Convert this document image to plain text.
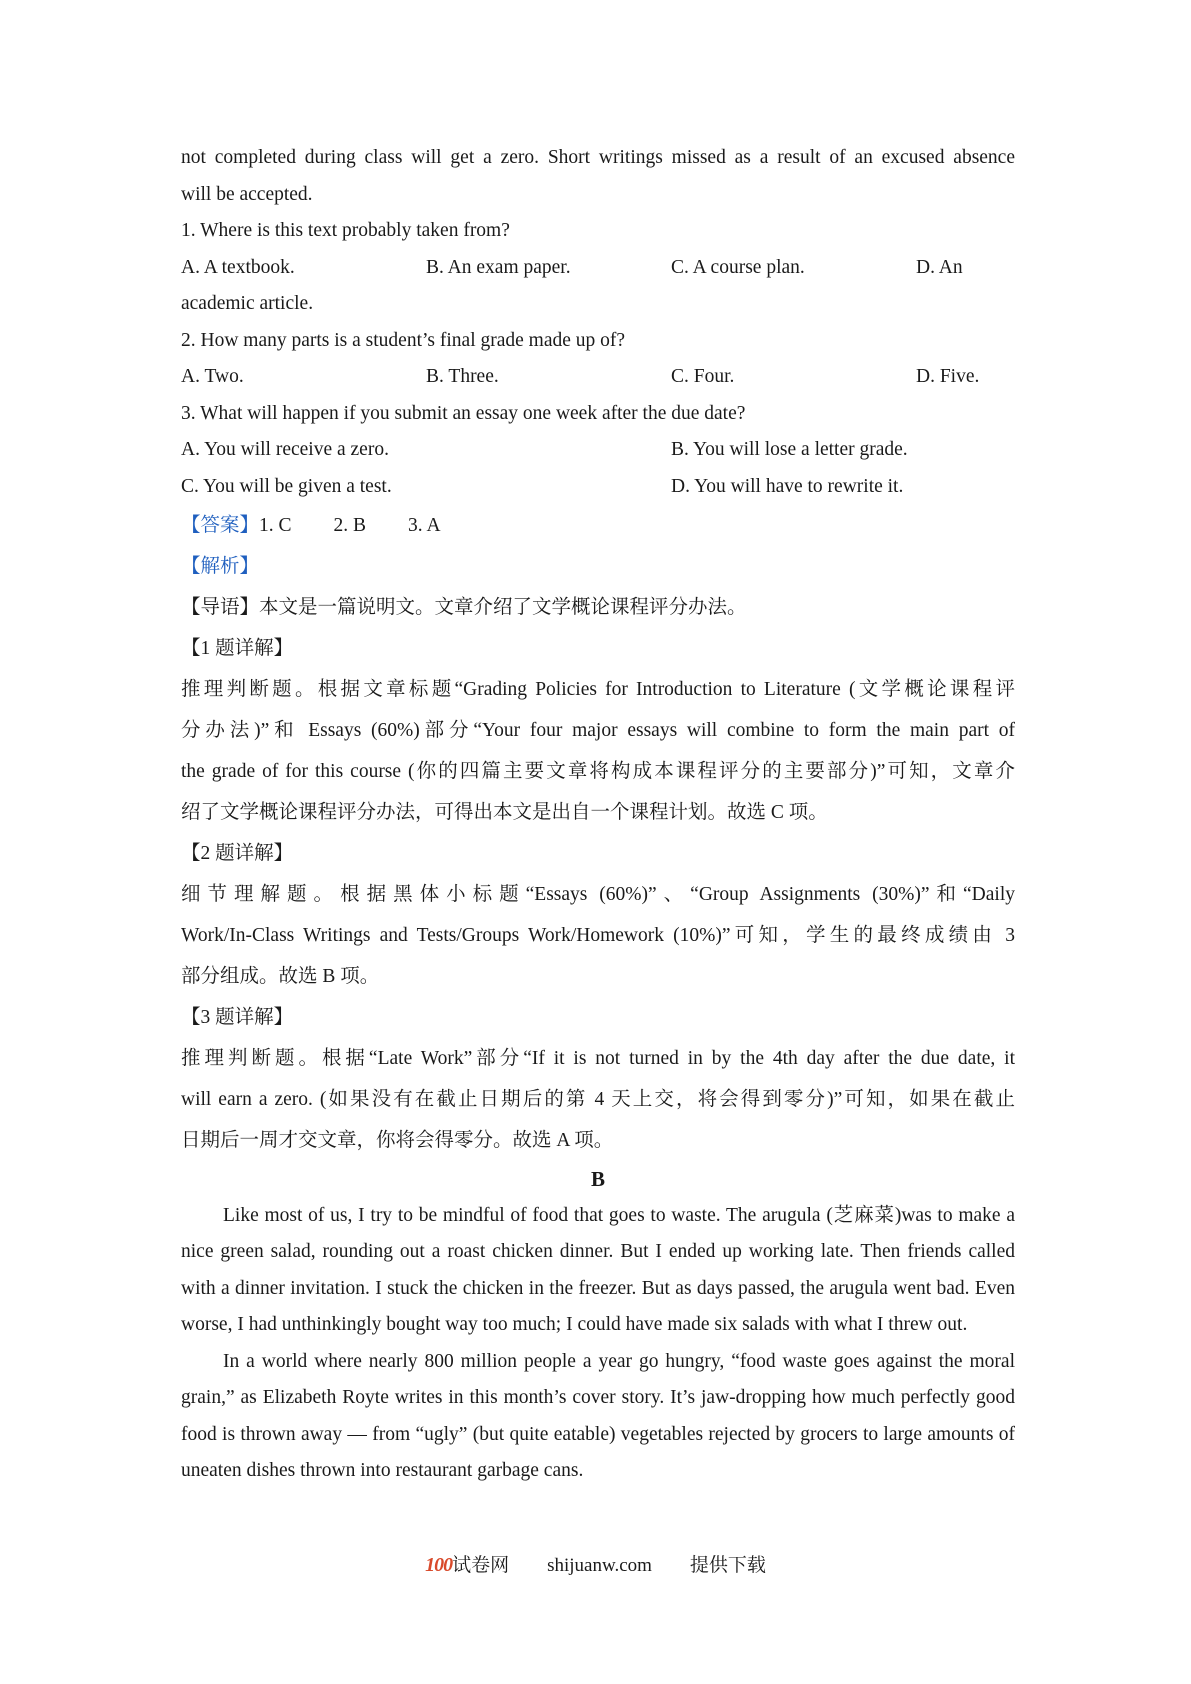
not completed during class will get a zero. Short writings missed as a result of an excused absence

will be accepted.

1. Where is this text probably taken from?

A. A textbook.	B. An exam paper.	C. A course plan.	D. An

academic article.

2. How many parts is a student’s final grade made up of?

A. Two.	B. Three.	C. Four.	D. Five.

3. What will happen if you submit an essay one week after the due date?

A. You will receive a zero.	B. You will lose a letter grade.
C. You will be given a test.	D. You will have to rewrite it.
【答案】1. C 2. B 3. A

【解析】

【导语】本文是一篇说明文。文章介绍了文学概论课程评分办法。

【1 题详解】

推理判断题。根据文章标题“Grading Policies for Introduction to Literature (文学概论课程评

分办法)”和 Essays (60%)部分“Your four major essays will combine to form the main part of

the grade of for this course (你的四篇主要文章将构成本课程评分的主要部分)”可知，文章介

绍了文学概论课程评分办法，可得出本文是出自一个课程计划。故选 C 项。

【2 题详解】

细节理解题。根据黑体小标题“Essays (60%)”、“Group Assignments (30%)”和“Daily

Work/In-Class Writings and Tests/Groups Work/Homework (10%)”可知，学生的最终成绩由 3

部分组成。故选 B 项。

【3 题详解】

推理判断题。根据“Late Work”部分“If it is not turned in by the 4th day after the due date, it

will earn a zero. (如果没有在截止日期后的第 4 天上交，将会得到零分)”可知，如果在截止

日期后一周才交文章，你将会得零分。故选 A 项。

B

Like most of us, I try to be mindful of food that goes to waste. The arugula (芝麻菜)was to make a nice green salad, rounding out a roast chicken dinner. But I ended up working late. Then friends called with a dinner invitation. I stuck the chicken in the freezer. But as days passed, the arugula went bad. Even worse, I had unthinkingly bought way too much; I could have made six salads with what I threw out.

In a world where nearly 800 million people a year go hungry, “food waste goes against the moral grain,” as Elizabeth Royte writes in this month’s cover story. It’s jaw-dropping how much perfectly good food is thrown away — from “ugly” (but quite eatable) vegetables rejected by grocers to large amounts of uneaten dishes thrown into restaurant garbage cans.

100 试卷网 shijuanw.com 提供下载
